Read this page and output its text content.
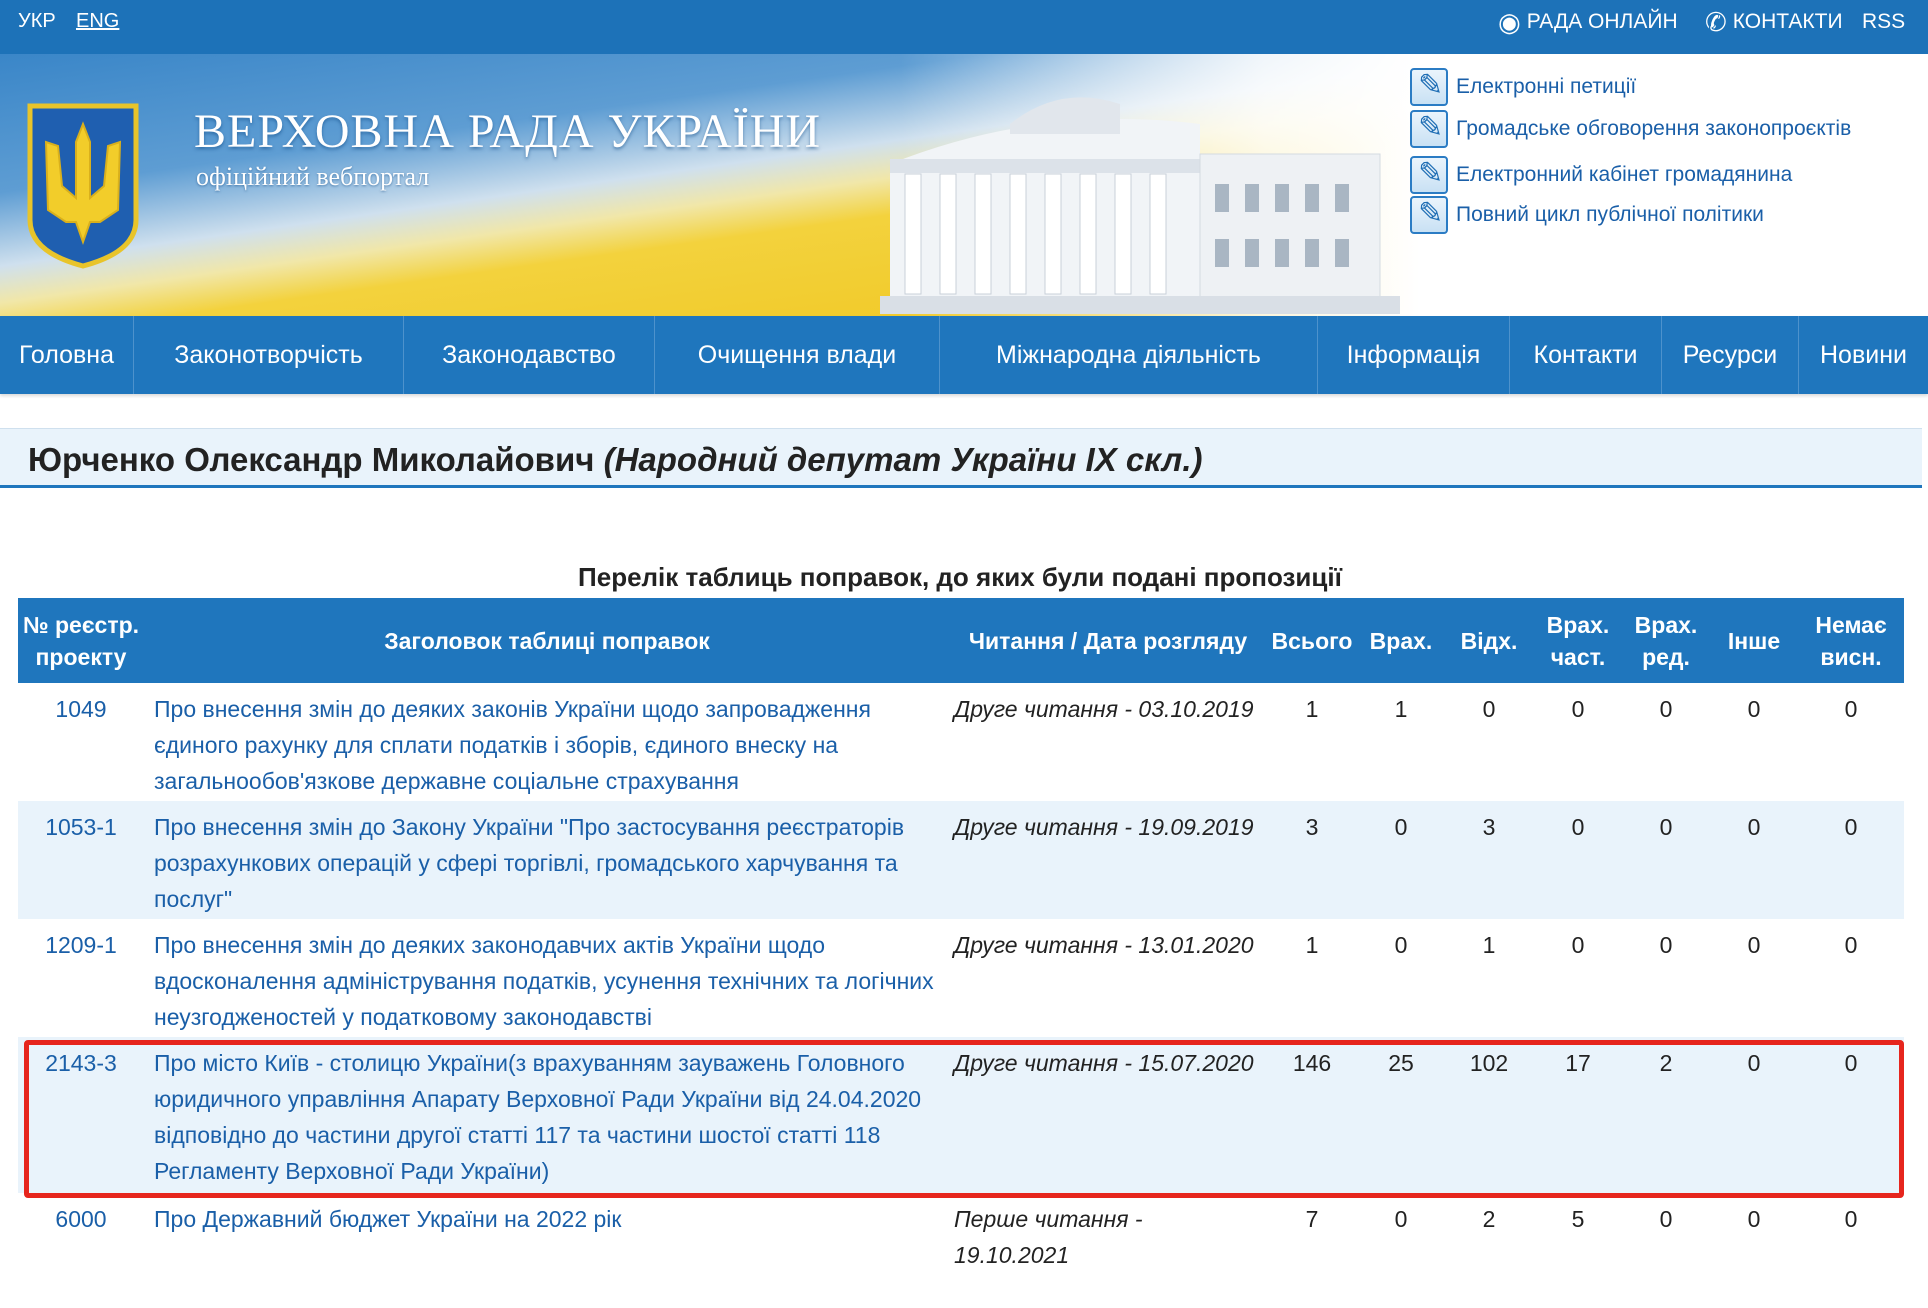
УКР ENG	◉ РАДА ОНЛАЙН ✆ КОНТАКТИ RSS
ВЕРХОВНА РАДА УКРАЇНИ
офіційний вебпортал
✎
Електронні петиції
✎
Громадське обговорення законопроєктів
✎
Електронний кабінет громадянина
✎
Повний цикл публічної політики
Головна	Законотворчість	Законодавство	Очищення влади	Міжнародна діяльність	Інформація	Контакти	Ресурси	Новини
Юрченко Олександр Миколайович (Народний депутат України IX скл.)
Перелік таблиць поправок, до яких були подані пропозиції
№ реєстр. проекту	Заголовок таблиці поправок	Читання / Дата розгляду	Всього	Врах.	Відх.	Врах. част.	Врах. ред.	Інше	Немає висн.
1049	Про внесення змін до деяких законів України щодо запровадження єдиного рахунку для сплати податків і зборів, єдиного внеску на загальнообов'язкове державне соціальне страхування	Друге читання - 03.10.2019	1	1	0	0	0	0	0
1053-1	Про внесення змін до Закону України "Про застосування реєстраторів розрахункових операцій у сфері торгівлі, громадського харчування та послуг"	Друге читання - 19.09.2019	3	0	3	0	0	0	0
1209-1	Про внесення змін до деяких законодавчих актів України щодо вдосконалення адміністрування податків, усунення технічних та логічних неузгодженостей у податковому законодавстві	Друге читання - 13.01.2020	1	0	1	0	0	0	0
2143-3	Про місто Київ - столицю України(з врахуванням зауважень Головного юридичного управління Апарату Верховної Ради України від 24.04.2020 відповідно до частини другої статті 117 та частини шостої статті 118 Регламенту Верховної Ради України)	Друге читання - 15.07.2020	146	25	102	17	2	0	0
6000	Про Державний бюджет України на 2022 рік	Перше читання - 19.10.2021	7	0	2	5	0	0	0
